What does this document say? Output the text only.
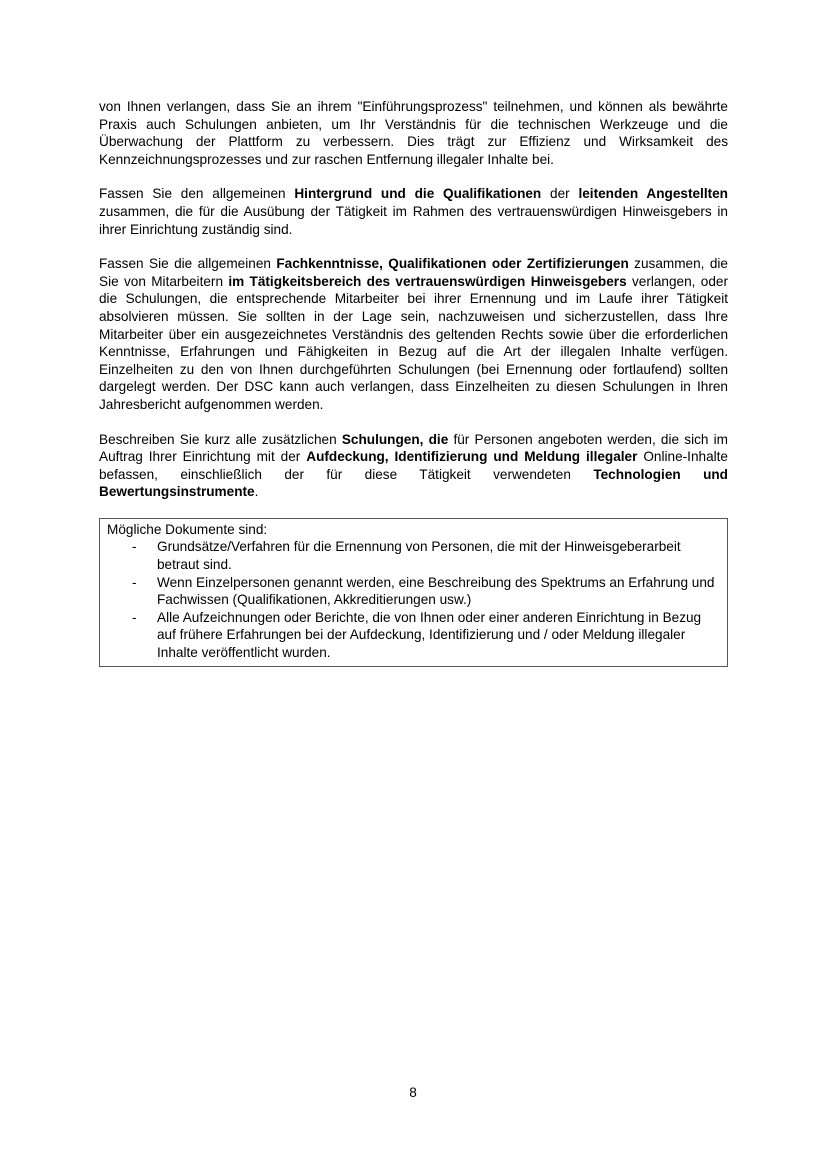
von Ihnen verlangen, dass Sie an ihrem "Einführungsprozess" teilnehmen, und können als bewährte Praxis auch Schulungen anbieten, um Ihr Verständnis für die technischen Werkzeuge und die Überwachung der Plattform zu verbessern. Dies trägt zur Effizienz und Wirksamkeit des Kennzeichnungsprozesses und zur raschen Entfernung illegaler Inhalte bei.

Fassen Sie den allgemeinen Hintergrund und die Qualifikationen der leitenden Angestellten zusammen, die für die Ausübung der Tätigkeit im Rahmen des vertrauenswürdigen Hinweisgebers in ihrer Einrichtung zuständig sind.

Fassen Sie die allgemeinen Fachkenntnisse, Qualifikationen oder Zertifizierungen zusammen, die Sie von Mitarbeitern im Tätigkeitsbereich des vertrauenswürdigen Hinweisgebers verlangen, oder die Schulungen, die entsprechende Mitarbeiter bei ihrer Ernennung und im Laufe ihrer Tätigkeit absolvieren müssen. Sie sollten in der Lage sein, nachzuweisen und sicherzustellen, dass Ihre Mitarbeiter über ein ausgezeichnetes Verständnis des geltenden Rechts sowie über die erforderlichen Kenntnisse, Erfahrungen und Fähigkeiten in Bezug auf die Art der illegalen Inhalte verfügen. Einzelheiten zu den von Ihnen durchgeführten Schulungen (bei Ernennung oder fortlaufend) sollten dargelegt werden. Der DSC kann auch verlangen, dass Einzelheiten zu diesen Schulungen in Ihren Jahresbericht aufgenommen werden.

Beschreiben Sie kurz alle zusätzlichen Schulungen, die für Personen angeboten werden, die sich im Auftrag Ihrer Einrichtung mit der Aufdeckung, Identifizierung und Meldung illegaler Online-Inhalte befassen, einschließlich der für diese Tätigkeit verwendeten Technologien und Bewertungsinstrumente.

Mögliche Dokumente sind:
- Grundsätze/Verfahren für die Ernennung von Personen, die mit der Hinweisgeberarbeit betraut sind.
- Wenn Einzelpersonen genannt werden, eine Beschreibung des Spektrums an Erfahrung und Fachwissen (Qualifikationen, Akkreditierungen usw.)
- Alle Aufzeichnungen oder Berichte, die von Ihnen oder einer anderen Einrichtung in Bezug auf frühere Erfahrungen bei der Aufdeckung, Identifizierung und / oder Meldung illegaler Inhalte veröffentlicht wurden.
8
